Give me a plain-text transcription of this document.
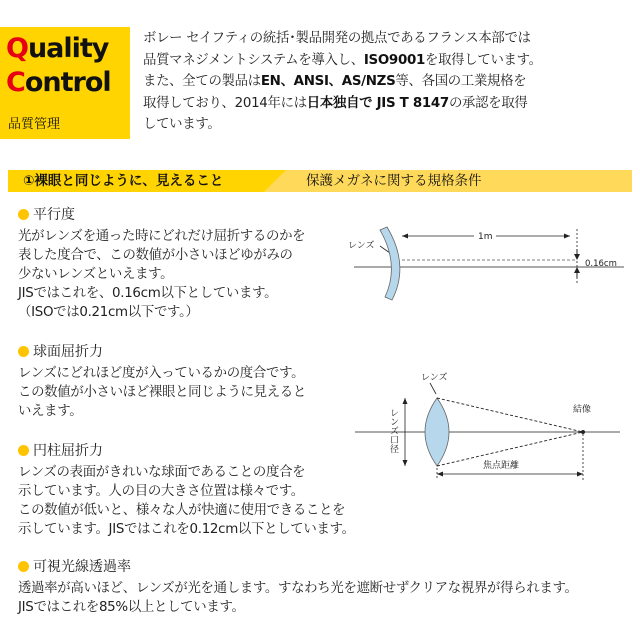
Quality
Control
品質管理

ボレー セイフティの統括･製品開発の拠点であるフランス本部では

品質マネジメントシステムを導入し、ISO9001を取得しています。

また、全ての製品はEN、ANSI、AS/NZS等、各国の工業規格を

取得しており、2014年には日本独自で JIS T 8147の承認を取得

しています。

①裸眼と同じように、見えること	保護メガネに関する規格条件
平行度

光がレンズを通った時にどれだけ屈折するのかを

表した度合で、この数値が小さいほどゆがみの

少ないレンズといえます。

JISではこれを、0.16cm以下としています。

（ISOでは0.21cm以下です。）

球面屈折力

レンズにどれほど度が入っているかの度合です。

この数値が小さいほど裸眼と同じように見えると

いえます。

円柱屈折力

レンズの表面がきれいな球面であることの度合を

示しています。人の目の大きさ位置は様々です。

この数値が低いと、様々な人が快適に使用できることを

示しています。JISではこれを0.12cm以下としています。

可視光線透過率

透過率が高いほど、レンズが光を通します。すなわち光を遮断せずクリアな視界が得られます。

JISではこれを85%以上としています。

レンズ
1m
0.16cm
レンズ
結像
レンズ口径
焦点距離
